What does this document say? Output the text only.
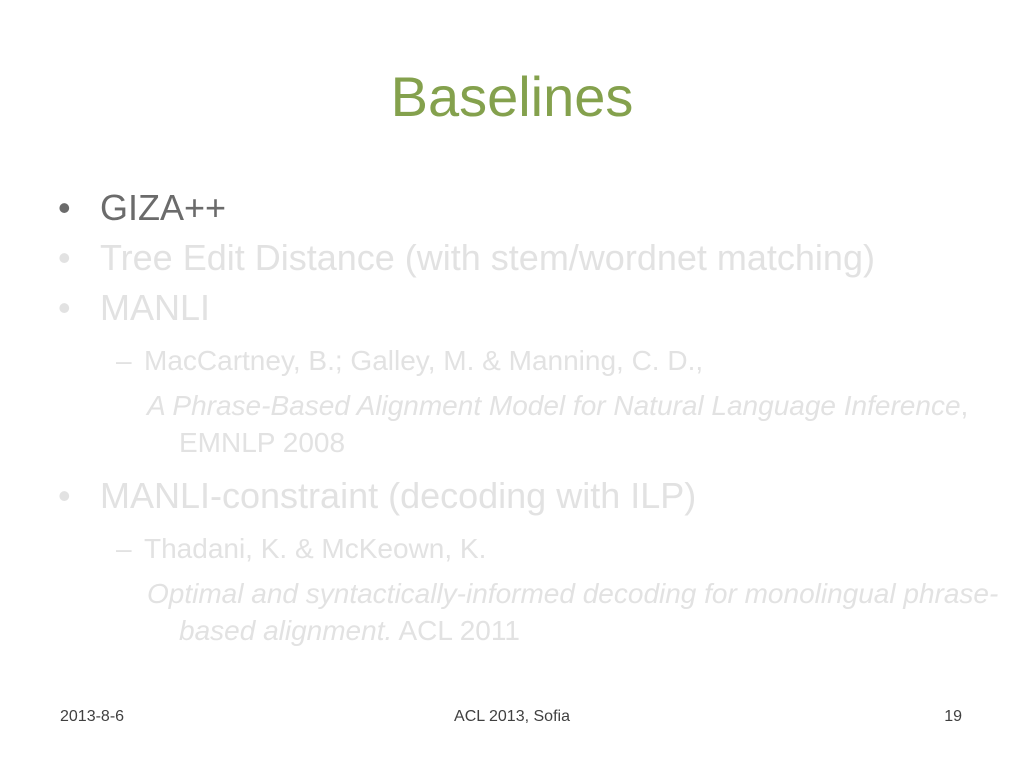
Baselines
• GIZA++
• Tree Edit Distance (with stem/wordnet matching)
• MANLI
– MacCartney, B.; Galley, M. & Manning, C. D.,
A Phrase-Based Alignment Model for Natural Language Inference, EMNLP 2008
• MANLI-constraint (decoding with ILP)
– Thadani, K. & McKeown, K.
Optimal and syntactically-informed decoding for monolingual phrase-based alignment. ACL 2011
2013-8-6	ACL 2013, Sofia	19
